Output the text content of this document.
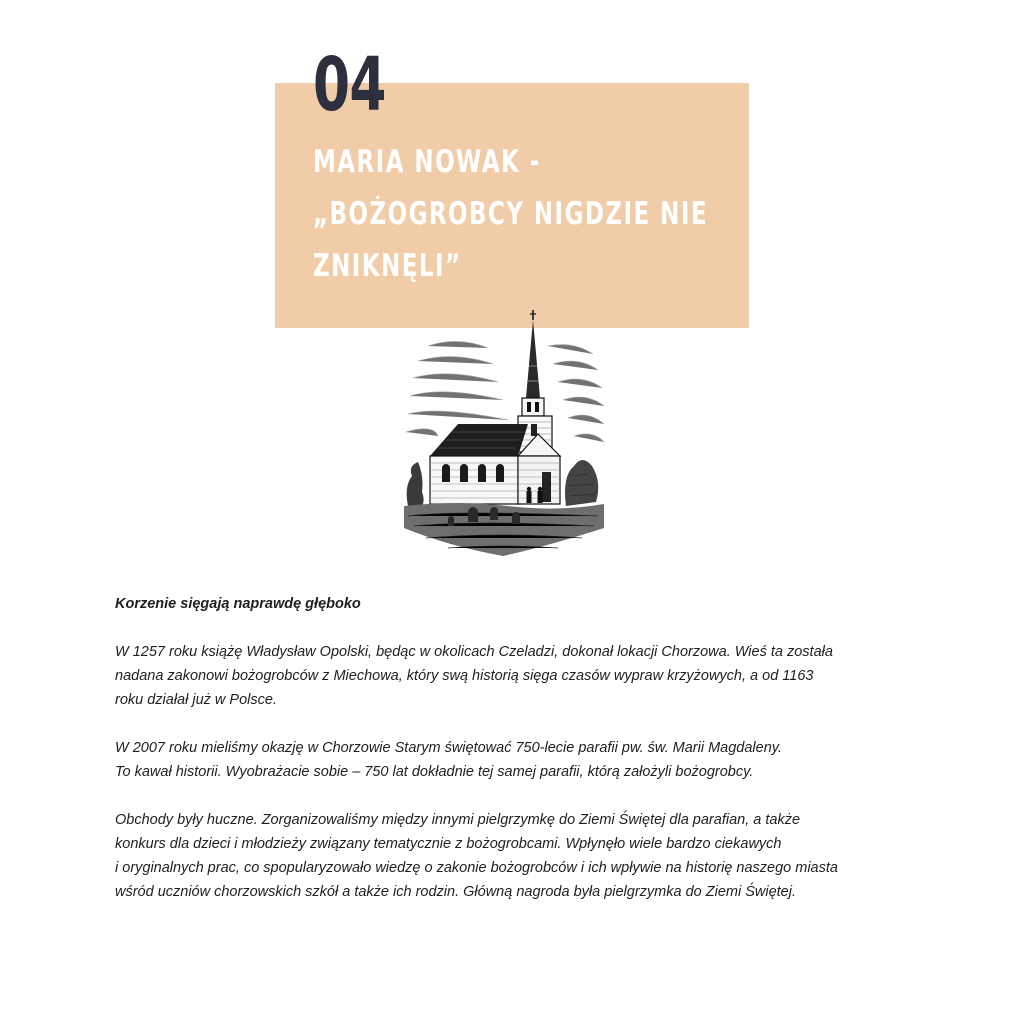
04
MARIA NOWAK -
„BOŻOGROBCY NIGDZIE NIE
ZNIKNĘLI”
Korzenie sięgają naprawdę głęboko
W 1257 roku książę Władysław Opolski, będąc w okolicach Czeladzi, dokonał lokacji Chorzowa. Wieś ta została
nadana zakonowi bożogrobców z Miechowa, który swą historią sięga czasów wypraw krzyżowych, a od 1163
roku działał już w Polsce.
W 2007 roku mieliśmy okazję w Chorzowie Starym świętować 750-lecie parafii pw. św. Marii Magdaleny.
To kawał historii. Wyobrażacie sobie – 750 lat dokładnie tej samej parafii, którą założyli bożogrobcy.
Obchody były huczne. Zorganizowaliśmy między innymi pielgrzymkę do Ziemi Świętej dla parafian, a także
konkurs dla dzieci i młodzieży związany tematycznie z bożogrobcami. Wpłynęło wiele bardzo ciekawych
i oryginalnych prac, co spopularyzowało wiedzę o zakonie bożogrobców i ich wpływie na historię naszego miasta
wśród uczniów chorzowskich szkół a także ich rodzin. Główną nagroda była pielgrzymka do Ziemi Świętej.
